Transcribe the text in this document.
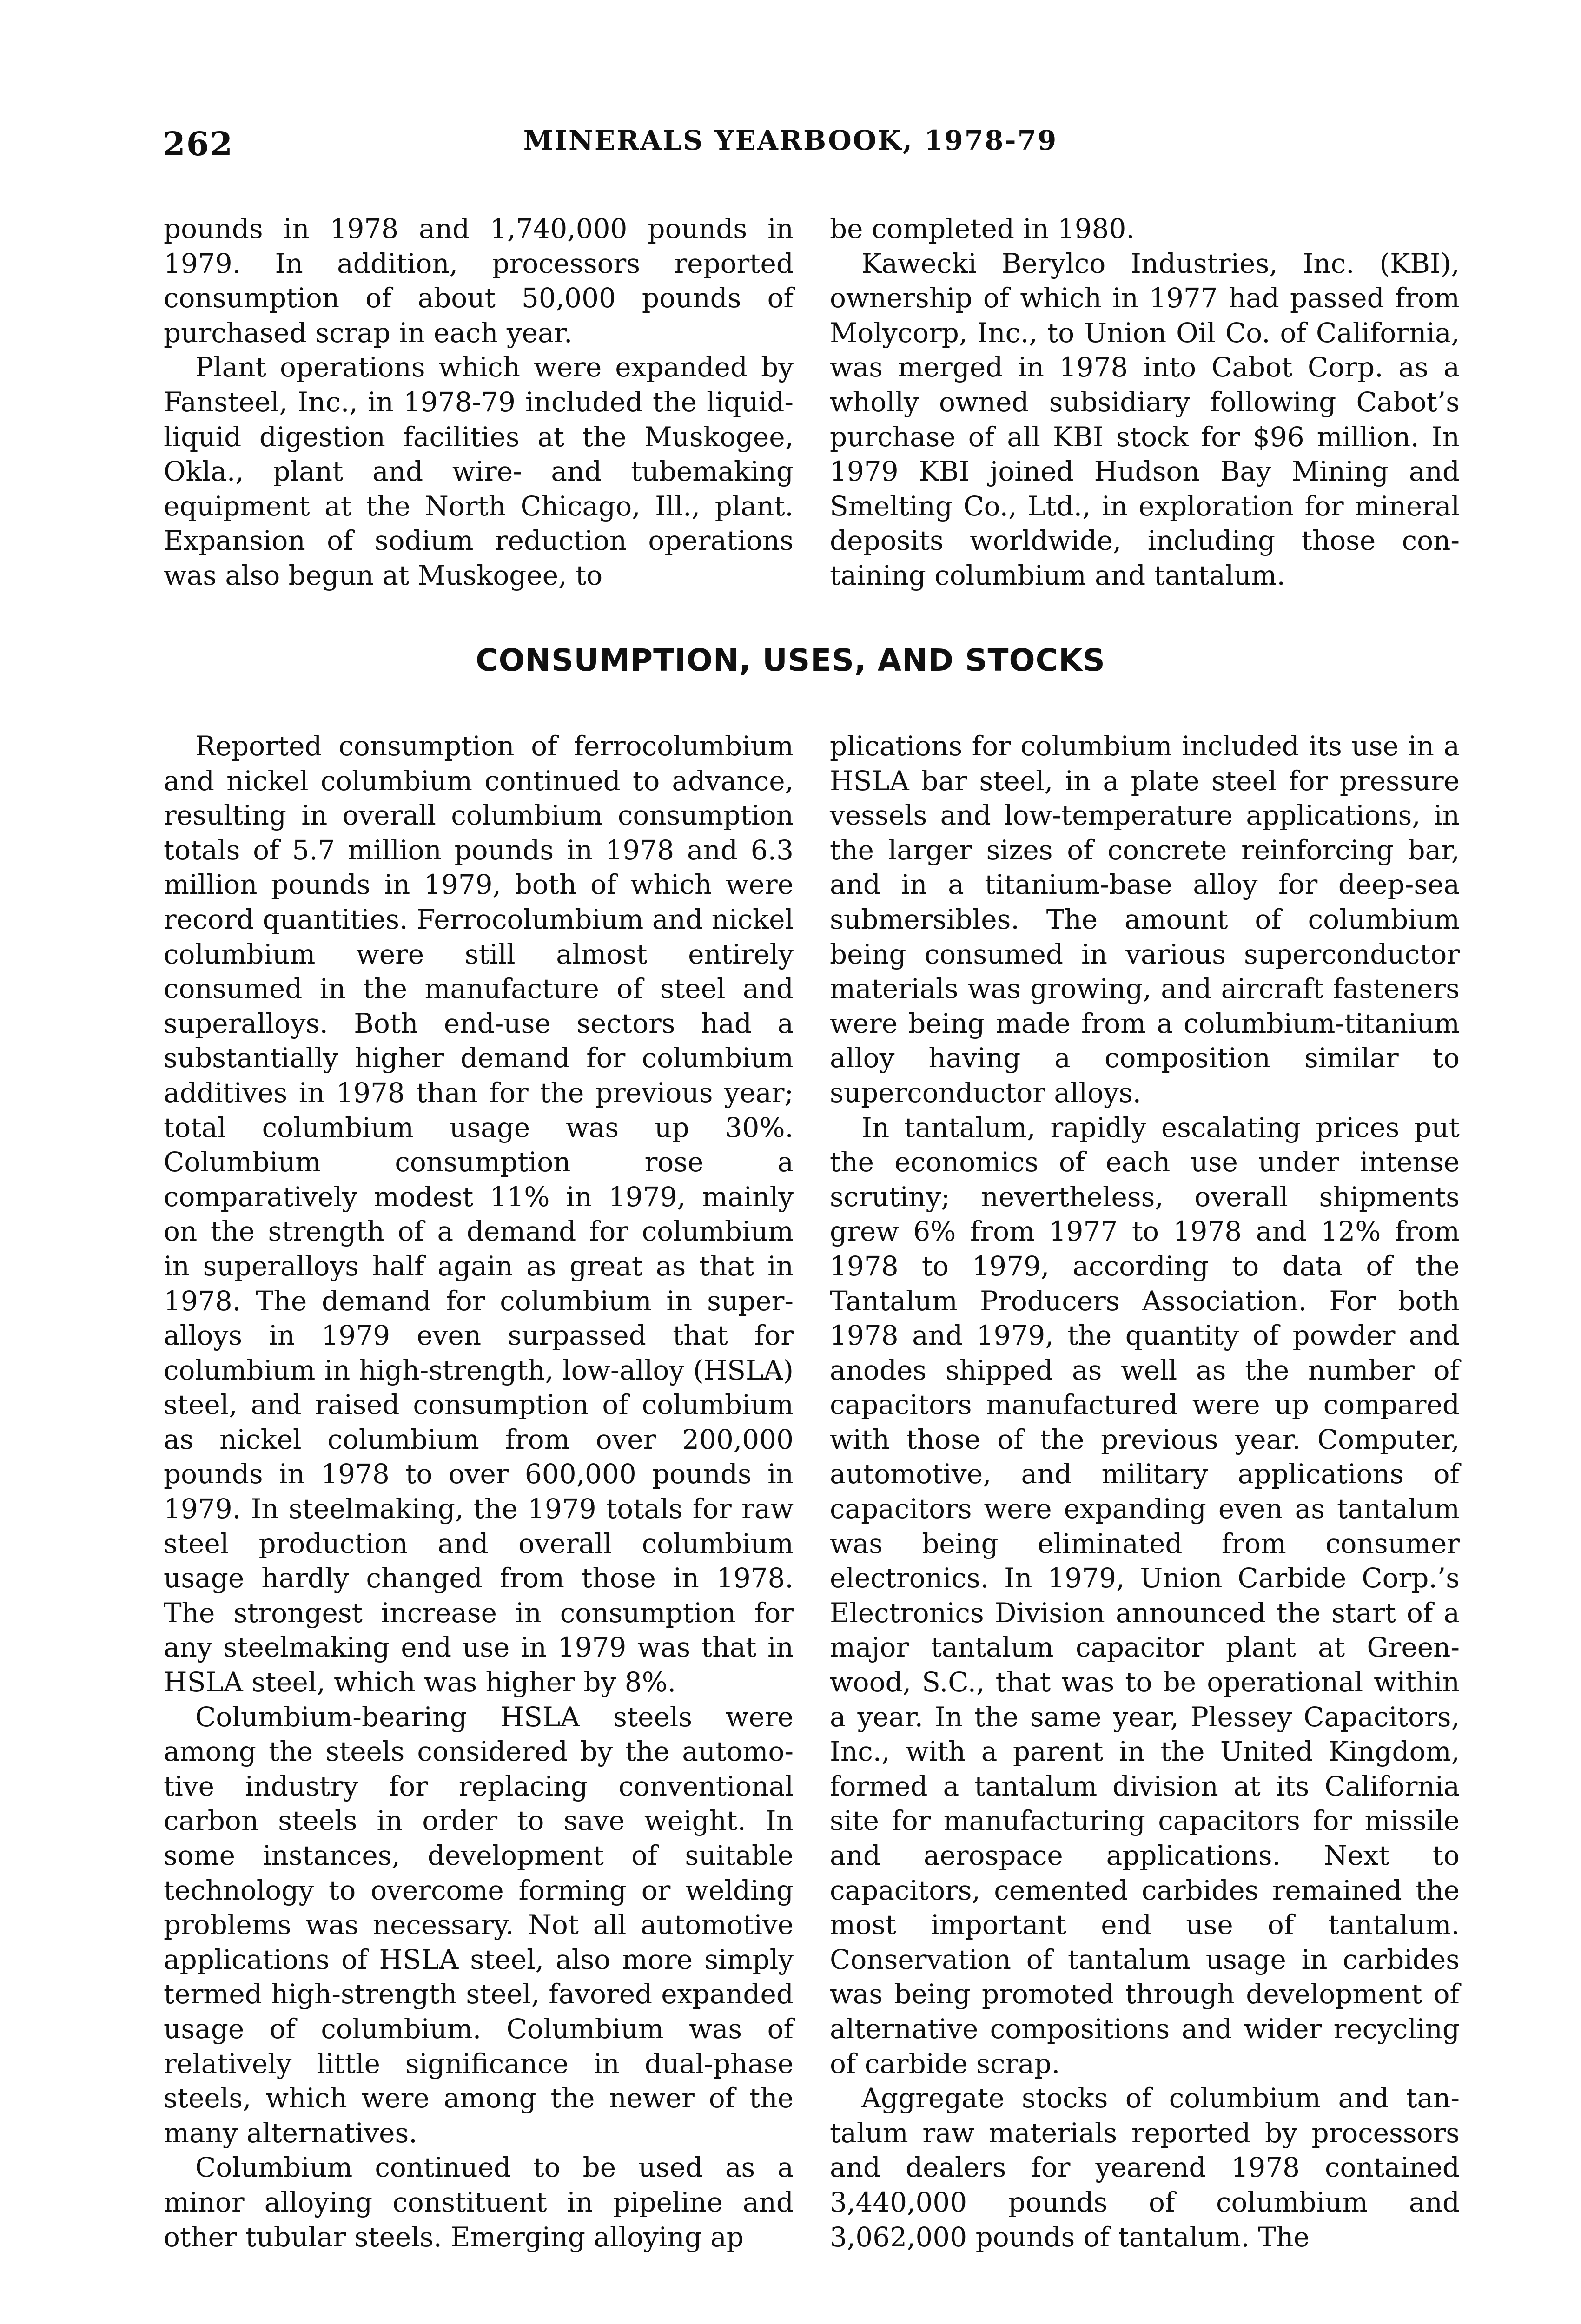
262	MINERALS YEARBOOK, 1978-79

pounds in 1978 and 1,740,000 pounds in 1979. In addition, processors reported consumption of about 50,000 pounds of purchased scrap in each year.

Plant operations which were expanded by Fansteel, Inc., in 1978-79 included the liquid-liquid digestion facilities at the Muskogee, Okla., plant and wire- and tubemaking equipment at the North Chicago, Ill., plant. Expansion of sodium reduction operations was also begun at Muskogee, to

be completed in 1980.

Kawecki Berylco Industries, Inc. (KBI), ownership of which in 1977 had passed from Molycorp, Inc., to Union Oil Co. of California, was merged in 1978 into Cabot Corp. as a wholly owned subsidiary following Cabot’s purchase of all KBI stock for $96 million. In 1979 KBI joined Hudson Bay Mining and Smelting Co., Ltd., in exploration for mineral deposits worldwide, including those containing columbium and tantalum.

CONSUMPTION, USES, AND STOCKS

Reported consumption of ferrocolumbium and nickel columbium continued to advance, resulting in overall columbium consumption totals of 5.7 million pounds in 1978 and 6.3 million pounds in 1979, both of which were record quantities. Ferrocolumbium and nickel columbium were still almost entirely consumed in the manufacture of steel and superalloys. Both end-use sectors had a substantially higher demand for columbium additives in 1978 than for the previous year; total columbium usage was up 30%. Columbium consumption rose a comparatively modest 11% in 1979, mainly on the strength of a demand for columbium in superalloys half again as great as that in 1978. The demand for columbium in superalloys in 1979 even surpassed that for columbium in high-strength, low-alloy (HSLA) steel, and raised consumption of columbium as nickel columbium from over 200,000 pounds in 1978 to over 600,000 pounds in 1979. In steelmaking, the 1979 totals for raw steel production and overall columbium usage hardly changed from those in 1978. The strongest increase in consumption for any steelmaking end use in 1979 was that in HSLA steel, which was higher by 8%.

Columbium-bearing HSLA steels were among the steels considered by the automotive industry for replacing conventional carbon steels in order to save weight. In some instances, development of suitable technology to overcome forming or welding problems was necessary. Not all automotive applications of HSLA steel, also more simply termed high-strength steel, favored expanded usage of columbium. Columbium was of relatively little significance in dual-phase steels, which were among the newer of the many alternatives.

Columbium continued to be used as a minor alloying constituent in pipeline and other tubular steels. Emerging alloying ap

plications for columbium included its use in a HSLA bar steel, in a plate steel for pressure vessels and low-temperature applications, in the larger sizes of concrete reinforcing bar, and in a titanium-base alloy for deep-sea submersibles. The amount of columbium being consumed in various superconductor materials was growing, and aircraft fasteners were being made from a columbium-titanium alloy having a composition similar to superconductor alloys.

In tantalum, rapidly escalating prices put the economics of each use under intense scrutiny; nevertheless, overall shipments grew 6% from 1977 to 1978 and 12% from 1978 to 1979, according to data of the Tantalum Producers Association. For both 1978 and 1979, the quantity of powder and anodes shipped as well as the number of capacitors manufactured were up compared with those of the previous year. Computer, automotive, and military applications of capacitors were expanding even as tantalum was being eliminated from consumer electronics. In 1979, Union Carbide Corp.’s Electronics Division announced the start of a major tantalum capacitor plant at Greenwood, S.C., that was to be operational within a year. In the same year, Plessey Capacitors, Inc., with a parent in the United Kingdom, formed a tantalum division at its California site for manufacturing capacitors for missile and aerospace applications. Next to capacitors, cemented carbides remained the most important end use of tantalum. Conservation of tantalum usage in carbides was being promoted through development of alternative compositions and wider recycling of carbide scrap.

Aggregate stocks of columbium and tantalum raw materials reported by processors and dealers for yearend 1978 contained 3,440,000 pounds of columbium and 3,062,000 pounds of tantalum. The
